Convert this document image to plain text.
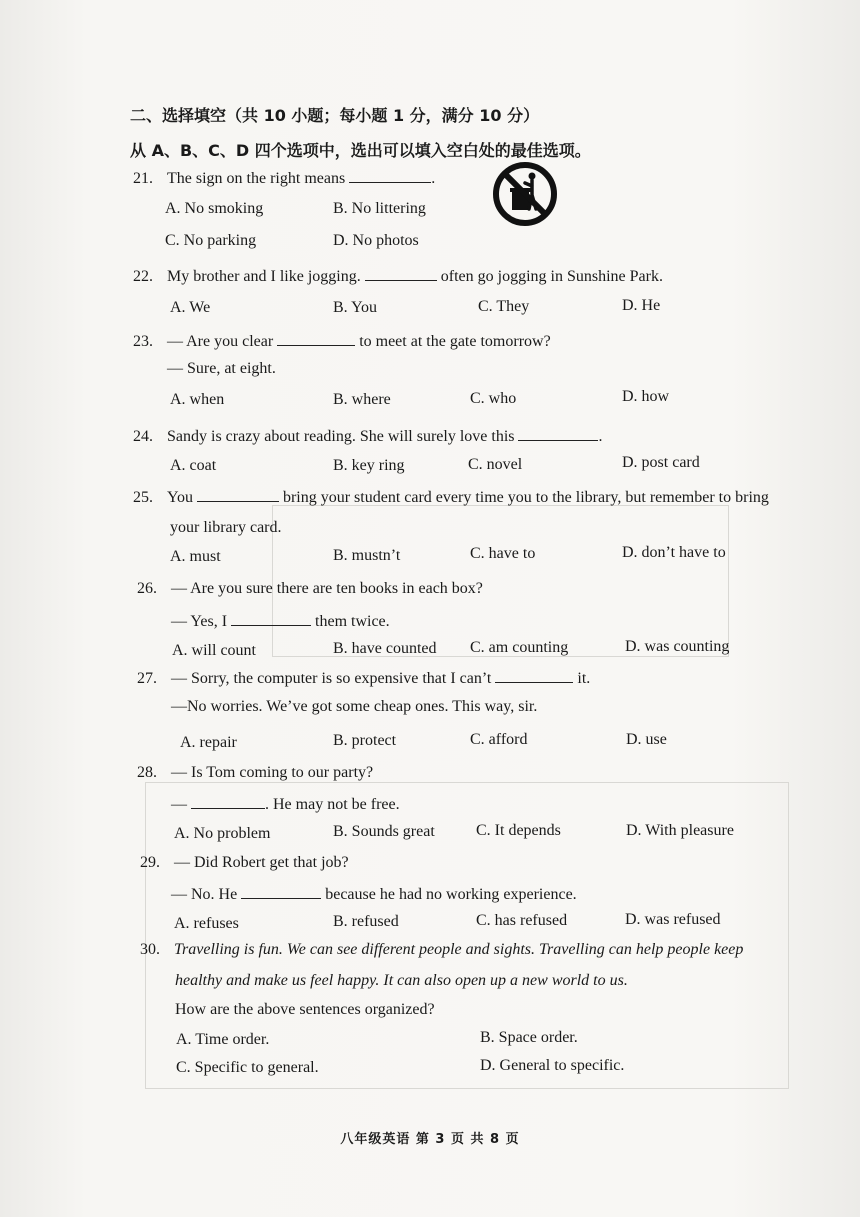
二、选择填空（共 10 小题；每小题 1 分，满分 10 分）
从 A、B、C、D 四个选项中，选出可以填入空白处的最佳选项。
21. The sign on the right means	.
A. No smoking	B. No littering
C. No parking	D. No photos
22. My brother and I like jogging.	often go jogging in Sunshine Park.
A. We	B. You	C. They	D. He
23. — Are you clear	to meet at the gate tomorrow?
— Sure, at eight.
A. when	B. where	C. who	D. how
24. Sandy is crazy about reading. She will surely love this	.
A. coat	B. key ring	C. novel	D. post card
25. You	bring your student card every time you to the library, but remember to bring
your library card.
A. must	B. mustn’t	C. have to	D. don’t have to
26. — Are you sure there are ten books in each box?
— Yes, I	them twice.
A. will count	B. have counted C. am counting	D. was counting
27. — Sorry, the computer is so expensive that I can’t	it.
—No worries. We’ve got some cheap ones. This way, sir.
A. repair	B. protect	C. afford	D. use
28. — Is Tom coming to our party?
—	. He may not be free.
A. No problem	B. Sounds great	C. It depends	D. With pleasure
29. — Did Robert get that job?
— No. He	because he had no working experience.
A. refuses	B. refused	C. has refused	D. was refused
30. Travelling is fun. We can see different people and sights. Travelling can help people keep
healthy and make us feel happy. It can also open up a new world to us.
How are the above sentences organized?
A. Time order.	B. Space order.
C. Specific to general.	D. General to specific.
八年级英语 第 3 页 共 8 页
